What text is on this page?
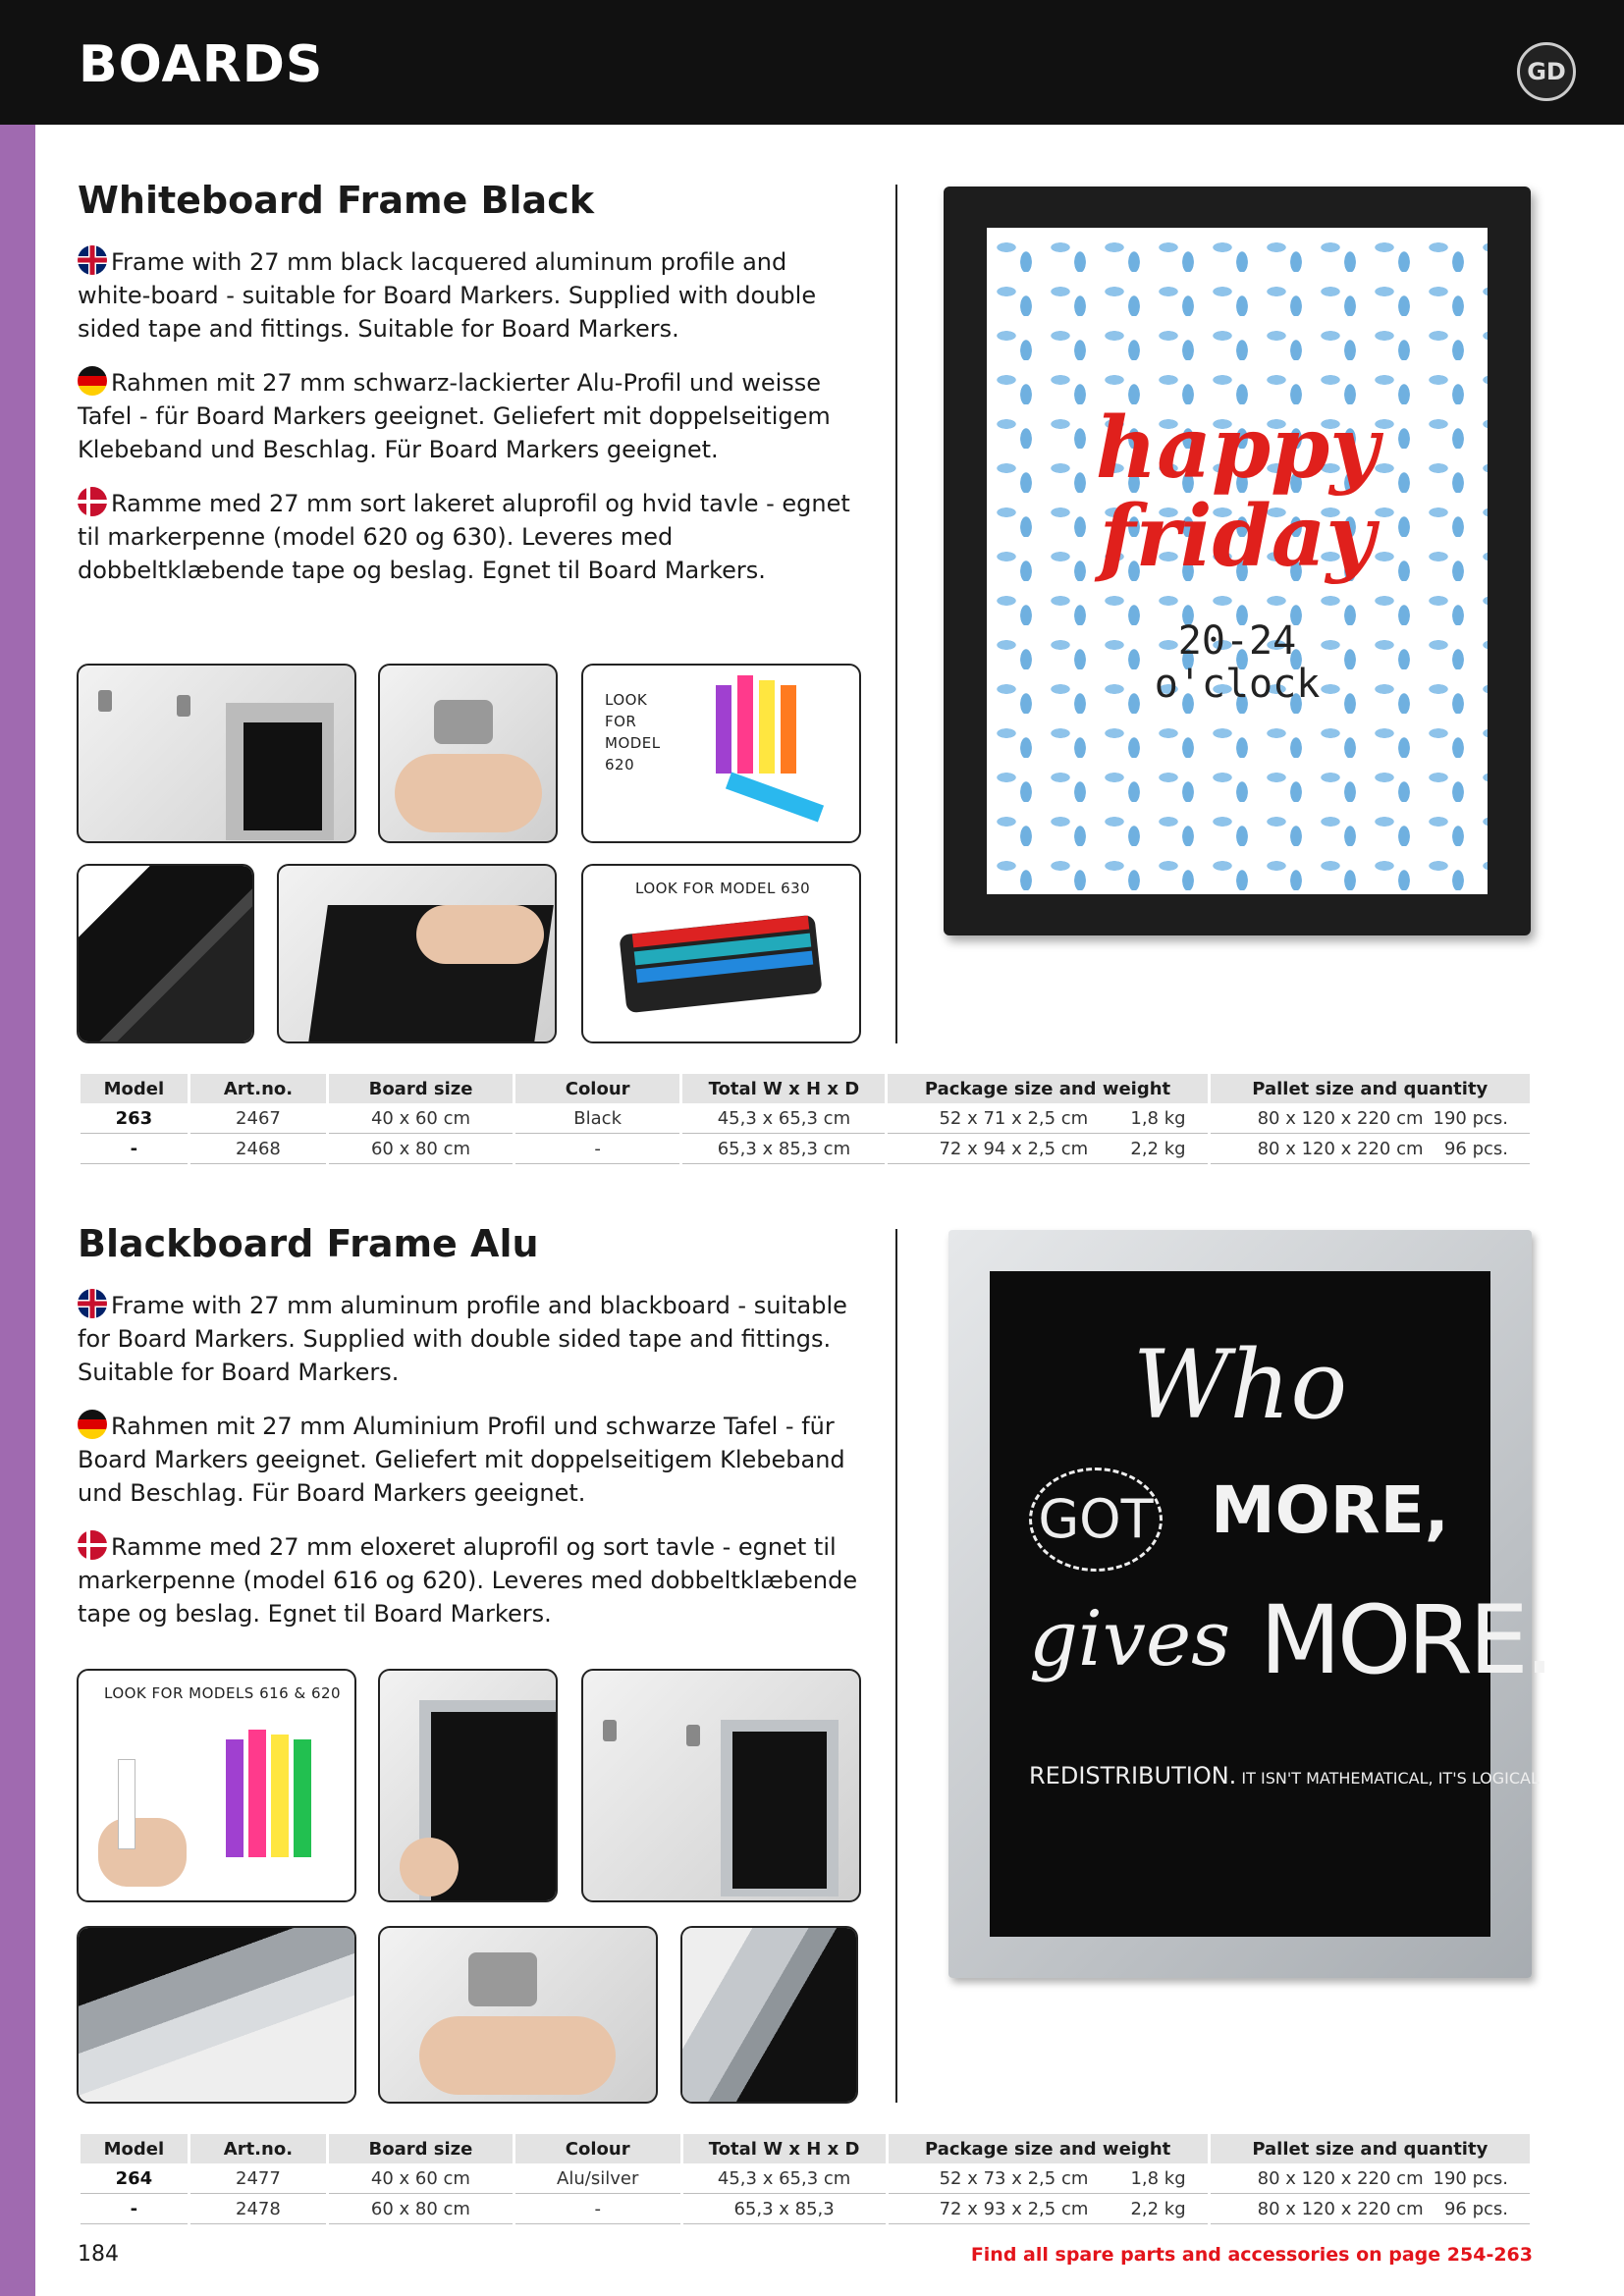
BOARDS	GD
Whiteboard Frame Black
Frame with 27 mm black lacquered aluminum profile and white-board - suitable for Board Markers. Supplied with double sided tape and fittings. Suitable for Board Markers.
Rahmen mit 27 mm schwarz-lackierter Alu-Profil und weisse Tafel - für Board Markers geeignet. Geliefert mit doppelseitigem Klebeband und Beschlag. Für Board Markers geeignet.
Ramme med 27 mm sort lakeret aluprofil og hvid tavle - egnet til markerpenne (model 620 og 630). Leveres med dobbeltklæbende tape og beslag. Egnet til Board Markers.
LOOK FOR MODEL 620
LOOK FOR MODEL 630
happy
friday
20-24
o'clock
Model	Art.no.	Board size	Colour	Total W x H x D	Package size and weight	Pallet size and quantity
263	2467	40 x 60 cm	Black	45,3 x 65,3 cm	52 x 71 x 2,5 cm 1,8 kg	80 x 120 x 220 cm 190 pcs.

-	2468	60 x 80 cm	-	65,3 x 85,3 cm	72 x 94 x 2,5 cm 2,2 kg	80 x 120 x 220 cm 96 pcs.
Blackboard Frame Alu
Frame with 27 mm aluminum profile and blackboard - suitable for Board Markers. Supplied with double sided tape and fittings. Suitable for Board Markers.
Rahmen mit 27 mm Aluminium Profil und schwarze Tafel - für Board Markers geeignet. Geliefert mit doppelseitigem Klebeband und Beschlag. Für Board Markers geeignet.
Ramme med 27 mm eloxeret aluprofil og sort tavle - egnet til markerpenne (model 616 og 620). Leveres med dobbeltklæbende tape og beslag. Egnet til Board Markers.
LOOK FOR MODELS 616 & 620
Who
GOT MORE,
gives MORE.
REDISTRIBUTION. IT ISN'T MATHEMATICAL, IT'S LOGICAL
Model	Art.no.	Board size	Colour	Total W x H x D	Package size and weight	Pallet size and quantity
264	2477	40 x 60 cm	Alu/silver	45,3 x 65,3 cm	52 x 73 x 2,5 cm 1,8 kg	80 x 120 x 220 cm 190 pcs.

-	2478	60 x 80 cm	-	65,3 x 85,3	72 x 93 x 2,5 cm 2,2 kg	80 x 120 x 220 cm 96 pcs.
184	Find all spare parts and accessories on page 254-263
